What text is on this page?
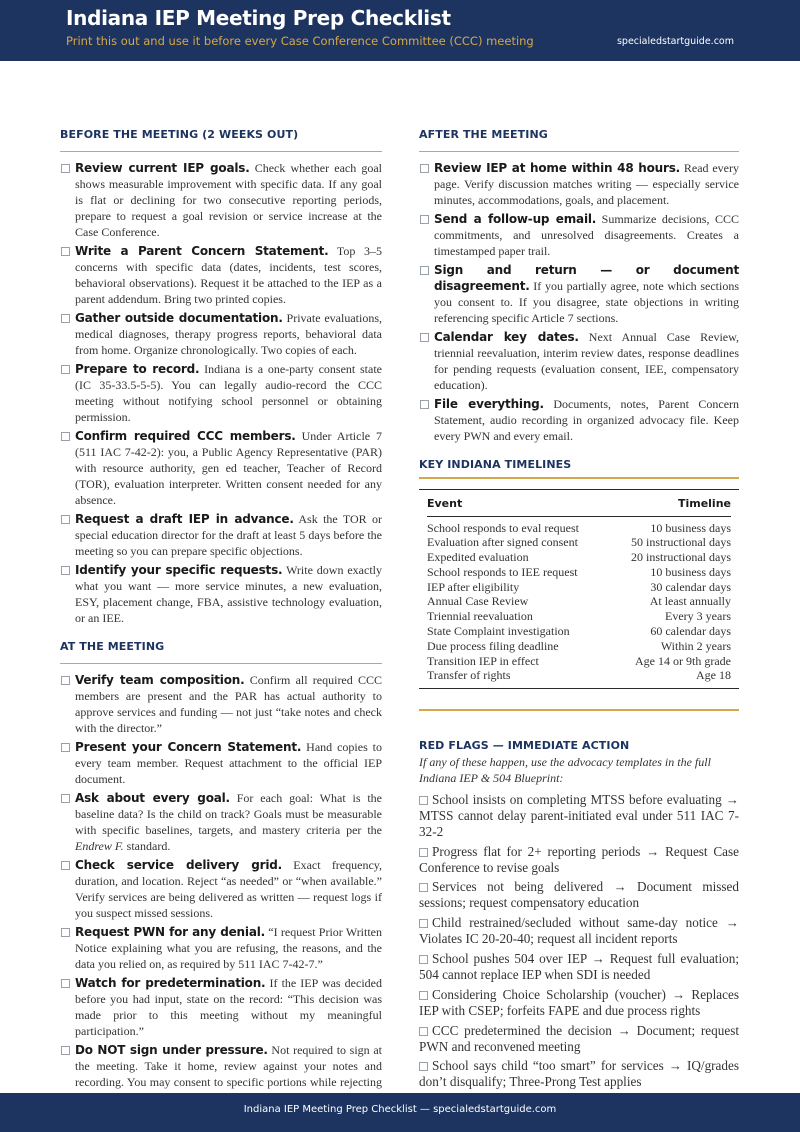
Indiana IEP Meeting Prep Checklist
Print this out and use it before every Case Conference Committee (CCC) meeting	specialedstartguide.com
BEFORE THE MEETING (2 WEEKS OUT)
Review current IEP goals. Check whether each goal shows measurable improvement with specific data. If any goal is flat or declining for two consecutive reporting periods, prepare to request a goal revision or service increase at the Case Conference.
Write a Parent Concern Statement. Top 3–5 concerns with specific data (dates, incidents, test scores, behavioral observations). Request it be attached to the IEP as a parent addendum. Bring two printed copies.
Gather outside documentation. Private evaluations, medical diagnoses, therapy progress reports, behavioral data from home. Organize chronologically. Two copies of each.
Prepare to record. Indiana is a one-party consent state (IC 35-33.5-5-5). You can legally audio-record the CCC meeting without notifying school personnel or obtaining permission.
Confirm required CCC members. Under Article 7 (511 IAC 7-42-2): you, a Public Agency Representative (PAR) with resource authority, gen ed teacher, Teacher of Record (TOR), evaluation interpreter. Written consent needed for any absence.
Request a draft IEP in advance. Ask the TOR or special education director for the draft at least 5 days before the meeting so you can prepare specific objections.
Identify your specific requests. Write down exactly what you want — more service minutes, a new evaluation, ESY, placement change, FBA, assistive technology evaluation, or an IEE.
AT THE MEETING
Verify team composition. Confirm all required CCC members are present and the PAR has actual authority to approve services and funding — not just “take notes and check with the director.”
Present your Concern Statement. Hand copies to every team member. Request attachment to the official IEP document.
Ask about every goal. For each goal: What is the baseline data? Is the child on track? Goals must be measurable with specific baselines, targets, and mastery criteria per the Endrew F. standard.
Check service delivery grid. Exact frequency, duration, and location. Reject “as needed” or “when available.” Verify services are being delivered as written — request logs if you suspect missed sessions.
Request PWN for any denial. “I request Prior Written Notice explaining what you are refusing, the reasons, and the data you relied on, as required by 511 IAC 7-42-7.”
Watch for predetermination. If the IEP was decided before you had input, state on the record: “This decision was made prior to this meeting without my meaningful participation.”
Do NOT sign under pressure. Not required to sign at the meeting. Take it home, review against your notes and recording. You may consent to specific portions while rejecting
AFTER THE MEETING
Review IEP at home within 48 hours. Read every page. Verify discussion matches writing — especially service minutes, accommodations, goals, and placement.
Send a follow-up email. Summarize decisions, CCC commitments, and unresolved disagreements. Creates a timestamped paper trail.
Sign and return — or document disagreement. If you partially agree, note which sections you consent to. If you disagree, state objections in writing referencing specific Article 7 sections.
Calendar key dates. Next Annual Case Review, triennial reevaluation, interim review dates, response deadlines for pending requests (evaluation consent, IEE, compensatory education).
File everything. Documents, notes, Parent Concern Statement, audio recording in organized advocacy file. Keep every PWN and every email.
KEY INDIANA TIMELINES
Event	Timeline
School responds to eval request	10 business days
Evaluation after signed consent	50 instructional days
Expedited evaluation	20 instructional days
School responds to IEE request	10 business days
IEP after eligibility	30 calendar days
Annual Case Review	At least annually
Triennial reevaluation	Every 3 years
State Complaint investigation	60 calendar days
Due process filing deadline	Within 2 years
Transition IEP in effect	Age 14 or 9th grade
Transfer of rights	Age 18
RED FLAGS — IMMEDIATE ACTION
If any of these happen, use the advocacy templates in the full Indiana IEP & 504 Blueprint:
School insists on completing MTSS before evaluating → MTSS cannot delay parent-initiated eval under 511 IAC 7-32-2
Progress flat for 2+ reporting periods → Request Case Conference to revise goals
Services not being delivered → Document missed sessions; request compensatory education
Child restrained/secluded without same-day notice → Violates IC 20-20-40; request all incident reports
School pushes 504 over IEP → Request full evaluation; 504 cannot replace IEP when SDI is needed
Considering Choice Scholarship (voucher) → Replaces IEP with CSEP; forfeits FAPE and due process rights
CCC predetermined the decision → Document; request PWN and reconvened meeting
School says child “too smart” for services → IQ/grades don’t disqualify; Three-Prong Test applies
Indiana IEP Meeting Prep Checklist — specialedstartguide.com
